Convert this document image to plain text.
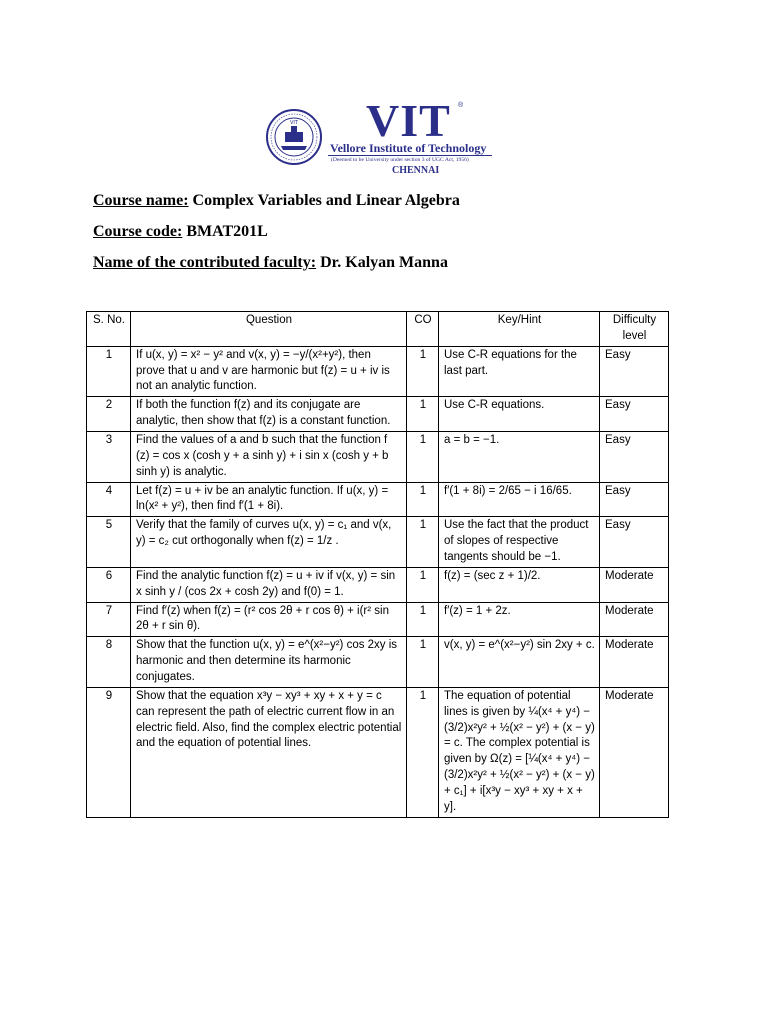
VIT VIT ®
Vellore Institute of Technology
(Deemed to be University under section 3 of UGC Act, 1956)
CHENNAI
Course name: Complex Variables and Linear Algebra
Course code: BMAT201L
Name of the contributed faculty: Dr. Kalyan Manna
S. No.	Question	CO	Key/Hint	Difficulty level
1	If u(x, y) = x² − y² and v(x, y) = −y/(x²+y²), then prove that u and v are harmonic but f(z) = u + iv is not an analytic function.	1	Use C-R equations for the last part.	Easy
2	If both the function f(z) and its conjugate are analytic, then show that f(z) is a constant function.	1	Use C-R equations.	Easy
3	Find the values of a and b such that the function f (z) = cos x (cosh y + a sinh y) + i sin x (cosh y + b sinh y) is analytic.	1	a = b = −1.	Easy
4	Let f(z) = u + iv be an analytic function. If u(x, y) = ln(x² + y²), then find f′(1 + 8i).	1	f′(1 + 8i) = 2/65 − i 16/65.	Easy
5	Verify that the family of curves u(x, y) = c₁ and v(x, y) = c₂ cut orthogonally when f(z) = 1/z .	1	Use the fact that the product of slopes of respective tangents should be −1.	Easy
6	Find the analytic function f(z) = u + iv if v(x, y) = sin x sinh y / (cos 2x + cosh 2y) and f(0) = 1.	1	f(z) = (sec z + 1)/2.	Moderate
7	Find f′(z) when f(z) = (r² cos 2θ + r cos θ) + i(r² sin 2θ + r sin θ).	1	f′(z) = 1 + 2z.	Moderate
8	Show that the function u(x, y) = e^(x²−y²) cos 2xy is harmonic and then determine its harmonic conjugates.	1	v(x, y) = e^(x²−y²) sin 2xy + c.	Moderate
9	Show that the equation x³y − xy³ + xy + x + y = c can represent the path of electric current flow in an electric field. Also, find the complex electric potential and the equation of potential lines.	1	The equation of potential lines is given by ¼(x⁴ + y⁴) − (3/2)x²y² + ½(x² − y²) + (x − y) = c. The complex potential is given by Ω(z) = [¼(x⁴ + y⁴) − (3/2)x²y² + ½(x² − y²) + (x − y) + c₁] + i[x³y − xy³ + xy + x + y].	Moderate
